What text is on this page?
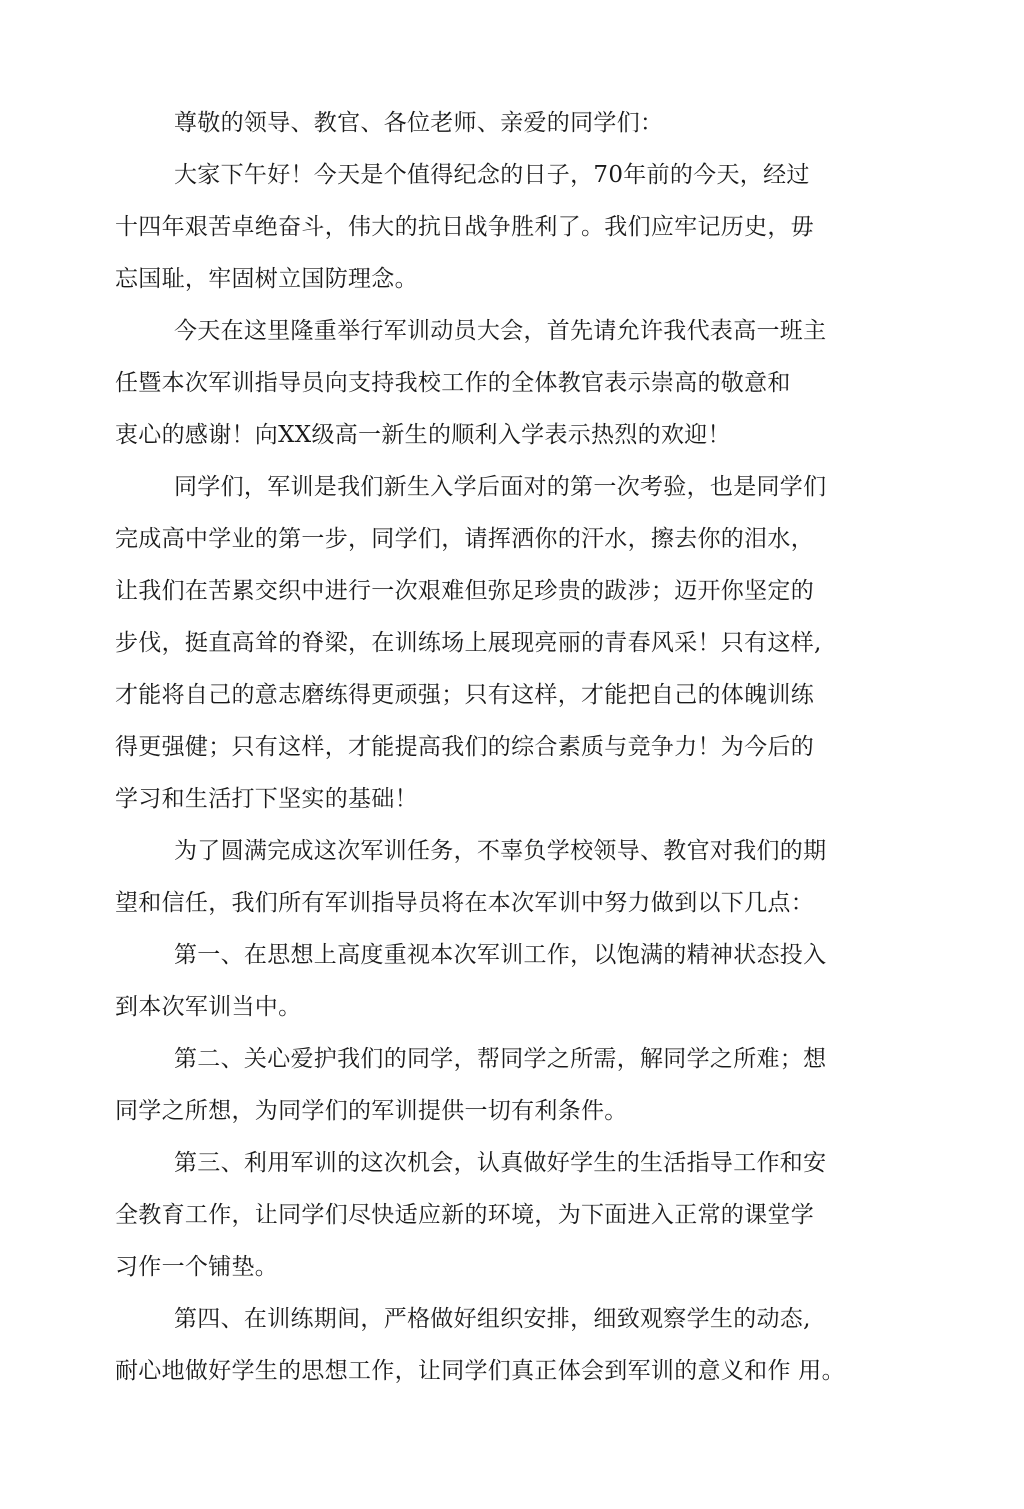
尊敬的领导、教官、各位老师、亲爱的同学们：
大家下午好！今天是个值得纪念的日子，70年前的今天，经过
十四年艰苦卓绝奋斗，伟大的抗日战争胜利了。我们应牢记历史，毋
忘国耻，牢固树立国防理念。
今天在这里隆重举行军训动员大会，首先请允许我代表高一班主
任暨本次军训指导员向支持我校工作的全体教官表示崇高的敬意和
衷心的感谢！向XX级高一新生的顺利入学表示热烈的欢迎！
同学们，军训是我们新生入学后面对的第一次考验，也是同学们
完成高中学业的第一步，同学们，请挥洒你的汗水，擦去你的泪水，
让我们在苦累交织中进行一次艰难但弥足珍贵的跋涉；迈开你坚定的
步伐，挺直高耸的脊梁，在训练场上展现亮丽的青春风采！只有这样,
才能将自己的意志磨练得更顽强；只有这样，才能把自己的体魄训练
得更强健；只有这样，才能提高我们的综合素质与竞争力！为今后的
学习和生活打下坚实的基础！
为了圆满完成这次军训任务，不辜负学校领导、教官对我们的期
望和信任，我们所有军训指导员将在本次军训中努力做到以下几点：
第一、在思想上高度重视本次军训工作，以饱满的精神状态投入
到本次军训当中。
第二、关心爱护我们的同学，帮同学之所需，解同学之所难；想
同学之所想，为同学们的军训提供一切有利条件。
第三、利用军训的这次机会，认真做好学生的生活指导工作和安
全教育工作，让同学们尽快适应新的环境，为下面进入正常的课堂学
习作一个铺垫。
第四、在训练期间，严格做好组织安排，细致观察学生的动态,
耐心地做好学生的思想工作，让同学们真正体会到军训的意义和作 用。
